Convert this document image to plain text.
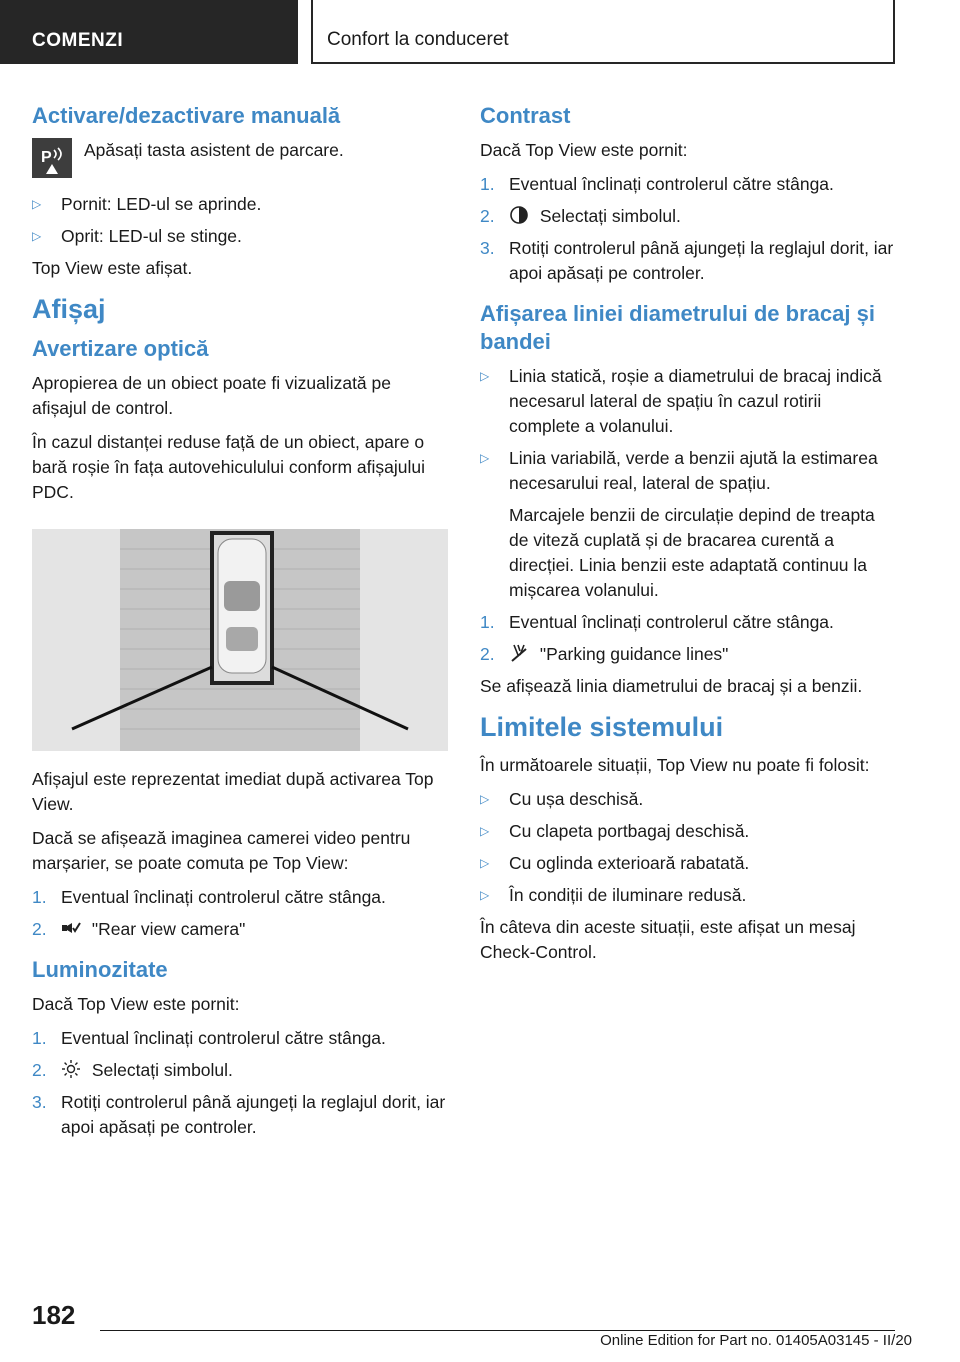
COMENZI	Confort la conduceret
Activare/dezactivare manuală
P Apăsați tasta asistent de parcare.
▷ Pornit: LED-ul se aprinde.
▷ Oprit: LED-ul se stinge.

Top View este afișat.

Afișaj
Avertizare optică

Apropierea de un obiect poate fi vizualizată pe afișajul de control.

În cazul distanței reduse față de un obiect, apare o bară roșie în fața autovehiculului conform afișajului PDC.

Afișajul este reprezentat imediat după activarea Top View.

Dacă se afișează imaginea camerei video pentru marșarier, se poate comuta pe Top View:

1. Eventual înclinați controlerul către stânga.
2.	"Rear view camera"
Luminozitate

Dacă Top View este pornit:

1. Eventual înclinați controlerul către stânga.
2.	Selectați simbolul.
3. Rotiți controlerul până ajungeți la reglajul dorit, iar apoi apăsați pe controler.
Contrast

Dacă Top View este pornit:

1. Eventual înclinați controlerul către stânga.
2.	Selectați simbolul.
3. Rotiți controlerul până ajungeți la reglajul dorit, iar apoi apăsați pe controler.
Afișarea liniei diametrului de bracaj și bandei
▷ Linia statică, roșie a diametrului de bracaj indică necesarul lateral de spațiu în cazul rotirii complete a volanului.
▷ Linia variabilă, verde a benzii ajută la estimarea necesarului real, lateral de spațiu.
Marcajele benzii de circulație depind de treapta de viteză cuplată și de bracarea curentă a direcției. Linia benzii este adaptată continuu la mișcarea volanului.
1. Eventual înclinați controlerul către stânga.
2.	"Parking guidance lines"

Se afișează linia diametrului de bracaj și a benzii.

Limitele sistemului

În următoarele situații, Top View nu poate fi folosit:

▷ Cu ușa deschisă.
▷ Cu clapeta portbagaj deschisă.
▷ Cu oglinda exterioară rabatată.
▷ În condiții de iluminare redusă.

În câteva din aceste situații, este afișat un mesaj Check-Control.

182
Online Edition for Part no. 01405A03145 - II/20
